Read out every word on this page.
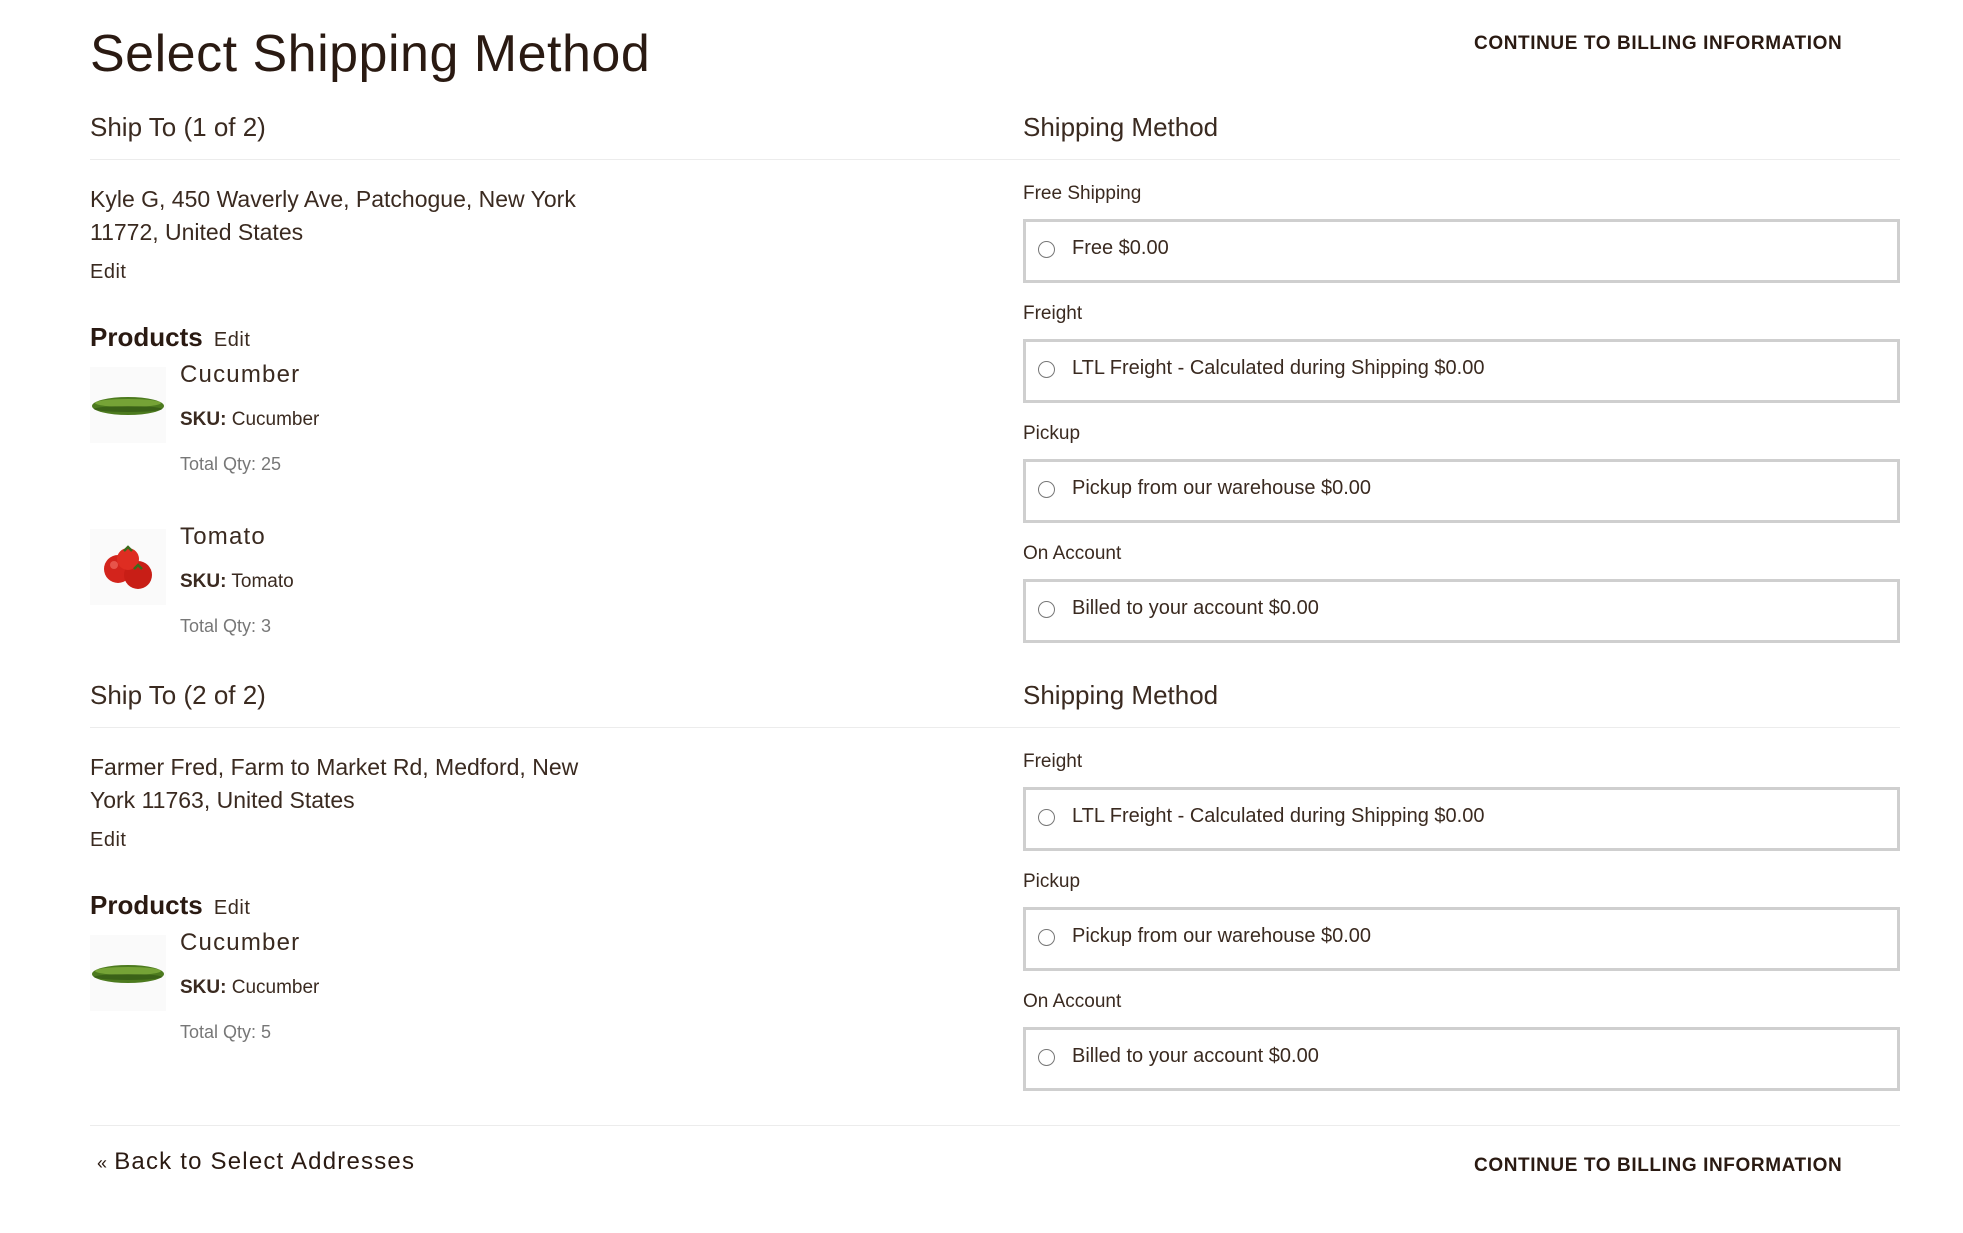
Select Shipping Method	CONTINUE TO BILLING INFORMATION
Ship To (1 of 2)	Shipping Method
Kyle G, 450 Waverly Ave, Patchogue, New York
11772, United States
Edit
Products Edit
Cucumber
SKU: Cucumber
Total Qty: 25
Tomato
SKU: Tomato
Total Qty: 3
Free Shipping
Free $0.00
Freight
LTL Freight - Calculated during Shipping $0.00
Pickup
Pickup from our warehouse $0.00
On Account
Billed to your account $0.00
Ship To (2 of 2)	Shipping Method
Farmer Fred, Farm to Market Rd, Medford, New
York 11763, United States
Edit
Products Edit
Cucumber
SKU: Cucumber
Total Qty: 5
Freight
LTL Freight - Calculated during Shipping $0.00
Pickup
Pickup from our warehouse $0.00
On Account
Billed to your account $0.00
« Back to Select Addresses	CONTINUE TO BILLING INFORMATION
